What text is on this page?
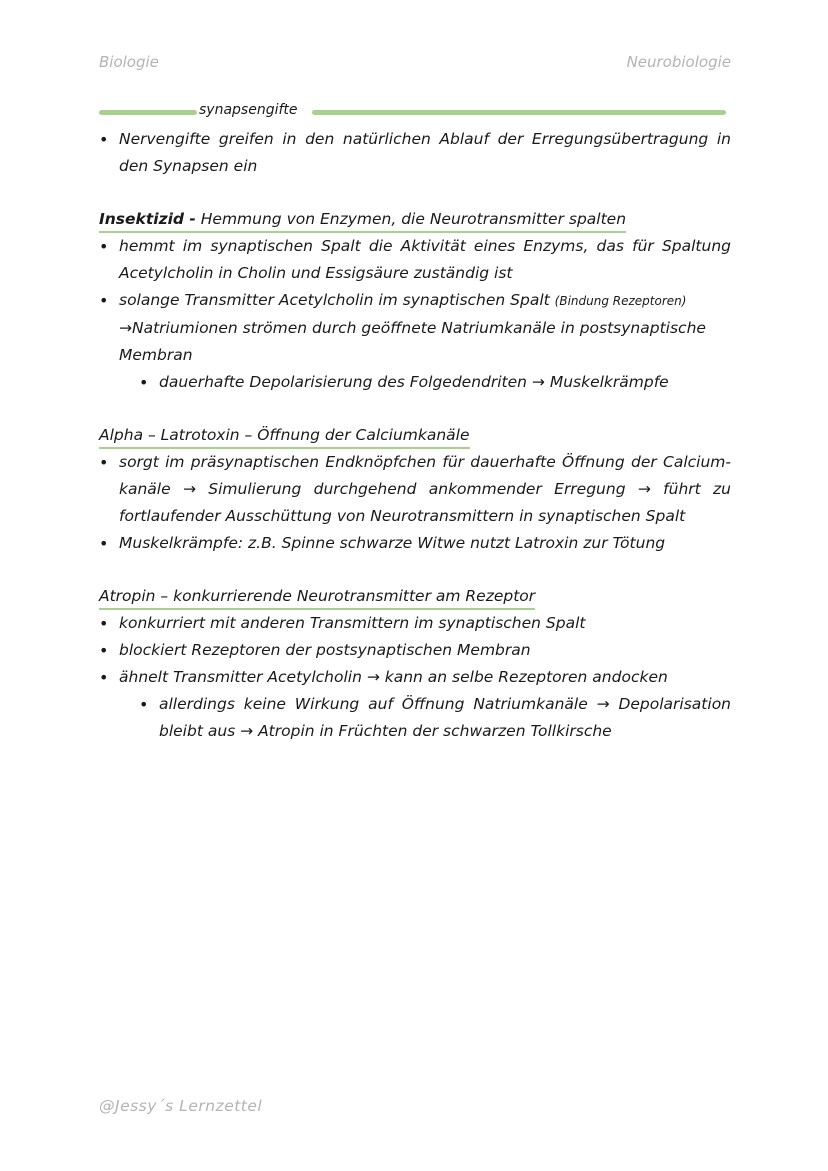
Biologie	Neurobiologie
synapsengifte
• Nervengifte greifen in den natürlichen Ablauf der Erregungsübertragung in den Synapsen ein
Insektizid - Hemmung von Enzymen, die Neurotransmitter spalten
• hemmt im synaptischen Spalt die Aktivität eines Enzyms, das für Spaltung Acetylcholin in Cholin und Essigsäure zuständig ist
• solange Transmitter Acetylcholin im synaptischen Spalt (Bindung Rezeptoren)
→Natriumionen strömen durch geöffnete Natriumkanäle in postsynaptische Membran
• dauerhafte Depolarisierung des Folgedendriten → Muskelkrämpfe
Alpha – Latrotoxin – Öffnung der Calciumkanäle
• sorgt im präsynaptischen Endknöpfchen für dauerhafte Öffnung der Calcium-kanäle → Simulierung durchgehend ankommender Erregung → führt zu fortlaufender Ausschüttung von Neurotransmittern in synaptischen Spalt
• Muskelkrämpfe: z.B. Spinne schwarze Witwe nutzt Latroxin zur Tötung
Atropin – konkurrierende Neurotransmitter am Rezeptor
• konkurriert mit anderen Transmittern im synaptischen Spalt
• blockiert Rezeptoren der postsynaptischen Membran
• ähnelt Transmitter Acetylcholin → kann an selbe Rezeptoren andocken
• allerdings keine Wirkung auf Öffnung Natriumkanäle → Depolarisation bleibt aus → Atropin in Früchten der schwarzen Tollkirsche
@Jessy´s Lernzettel
